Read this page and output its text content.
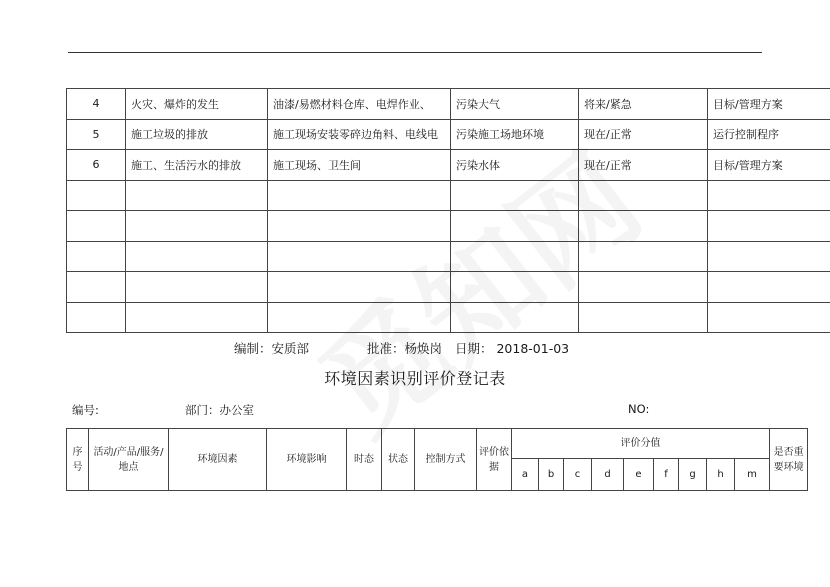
4	火灾、爆炸的发生	油漆/易燃材料仓库、电焊作业、	污染大气	将来/紧急	目标/管理方案
5	施工垃圾的排放	施工现场安装零碎边角料、电线电	污染施工场地环境	现在/正常	运行控制程序
6	施工、生活污水的排放	施工现场、卫生间	污染水体	现在/正常	目标/管理方案

编制：安质部	批准：杨焕岗 日期： 2018-01-03
环境因素识别评价登记表
编号:	部门：办公室	NO:
序号	活动/产品/服务/地点	环境因素	环境影响	时态	状态	控制方式	评价依据	评价分值									是否重要环境
								a	b	c	d	e	f	g	h	m	
